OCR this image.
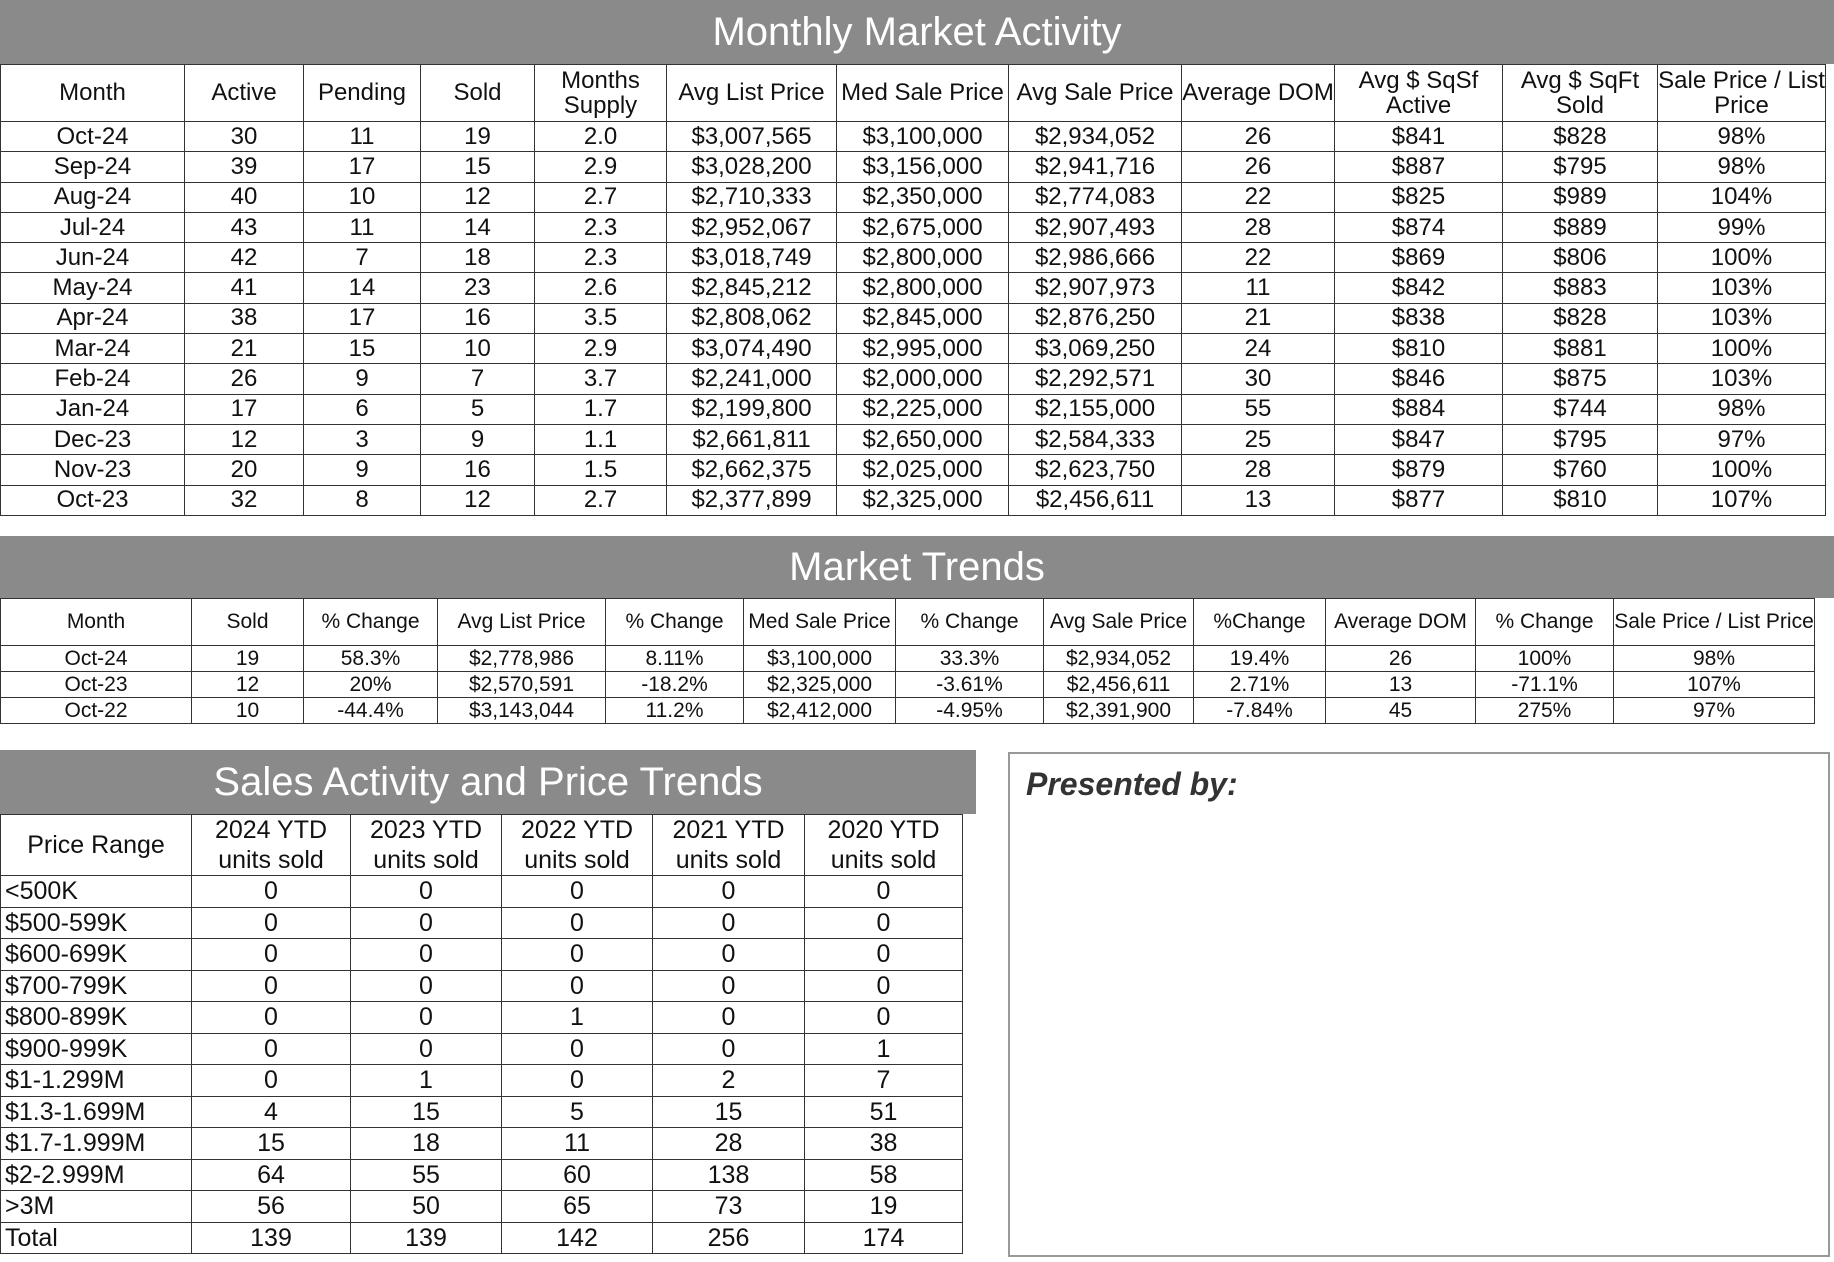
Monthly Market Activity
Month	Active	Pending	Sold	Months Supply	Avg List Price	Med Sale Price	Avg Sale Price	Average DOM	Avg $ SqSf Active	Avg $ SqFt Sold	Sale Price / List Price
Oct-24	30	11	19	2.0	$3,007,565	$3,100,000	$2,934,052	26	$841	$828	98%
Sep-24	39	17	15	2.9	$3,028,200	$3,156,000	$2,941,716	26	$887	$795	98%
Aug-24	40	10	12	2.7	$2,710,333	$2,350,000	$2,774,083	22	$825	$989	104%
Jul-24	43	11	14	2.3	$2,952,067	$2,675,000	$2,907,493	28	$874	$889	99%
Jun-24	42	7	18	2.3	$3,018,749	$2,800,000	$2,986,666	22	$869	$806	100%
May-24	41	14	23	2.6	$2,845,212	$2,800,000	$2,907,973	11	$842	$883	103%
Apr-24	38	17	16	3.5	$2,808,062	$2,845,000	$2,876,250	21	$838	$828	103%
Mar-24	21	15	10	2.9	$3,074,490	$2,995,000	$3,069,250	24	$810	$881	100%
Feb-24	26	9	7	3.7	$2,241,000	$2,000,000	$2,292,571	30	$846	$875	103%
Jan-24	17	6	5	1.7	$2,199,800	$2,225,000	$2,155,000	55	$884	$744	98%
Dec-23	12	3	9	1.1	$2,661,811	$2,650,000	$2,584,333	25	$847	$795	97%
Nov-23	20	9	16	1.5	$2,662,375	$2,025,000	$2,623,750	28	$879	$760	100%
Oct-23	32	8	12	2.7	$2,377,899	$2,325,000	$2,456,611	13	$877	$810	107%
Market Trends
Month	Sold	% Change	Avg List Price	% Change	Med Sale Price	% Change	Avg Sale Price	%Change	Average DOM	% Change	Sale Price / List Price
Oct-24	19	58.3%	$2,778,986	8.11%	$3,100,000	33.3%	$2,934,052	19.4%	26	100%	98%
Oct-23	12	20%	$2,570,591	-18.2%	$2,325,000	-3.61%	$2,456,611	2.71%	13	-71.1%	107%
Oct-22	10	-44.4%	$3,143,044	11.2%	$2,412,000	-4.95%	$2,391,900	-7.84%	45	275%	97%
Sales Activity and Price Trends
Price Range	2024 YTD units sold	2023 YTD units sold	2022 YTD units sold	2021 YTD units sold	2020 YTD units sold
<500K	0	0	0	0	0
$500-599K	0	0	0	0	0
$600-699K	0	0	0	0	0
$700-799K	0	0	0	0	0
$800-899K	0	0	1	0	0
$900-999K	0	0	0	0	1
$1-1.299M	0	1	0	2	7
$1.3-1.699M	4	15	5	15	51
$1.7-1.999M	15	18	11	28	38
$2-2.999M	64	55	60	138	58
>3M	56	50	65	73	19
Total	139	139	142	256	174
Presented by:
